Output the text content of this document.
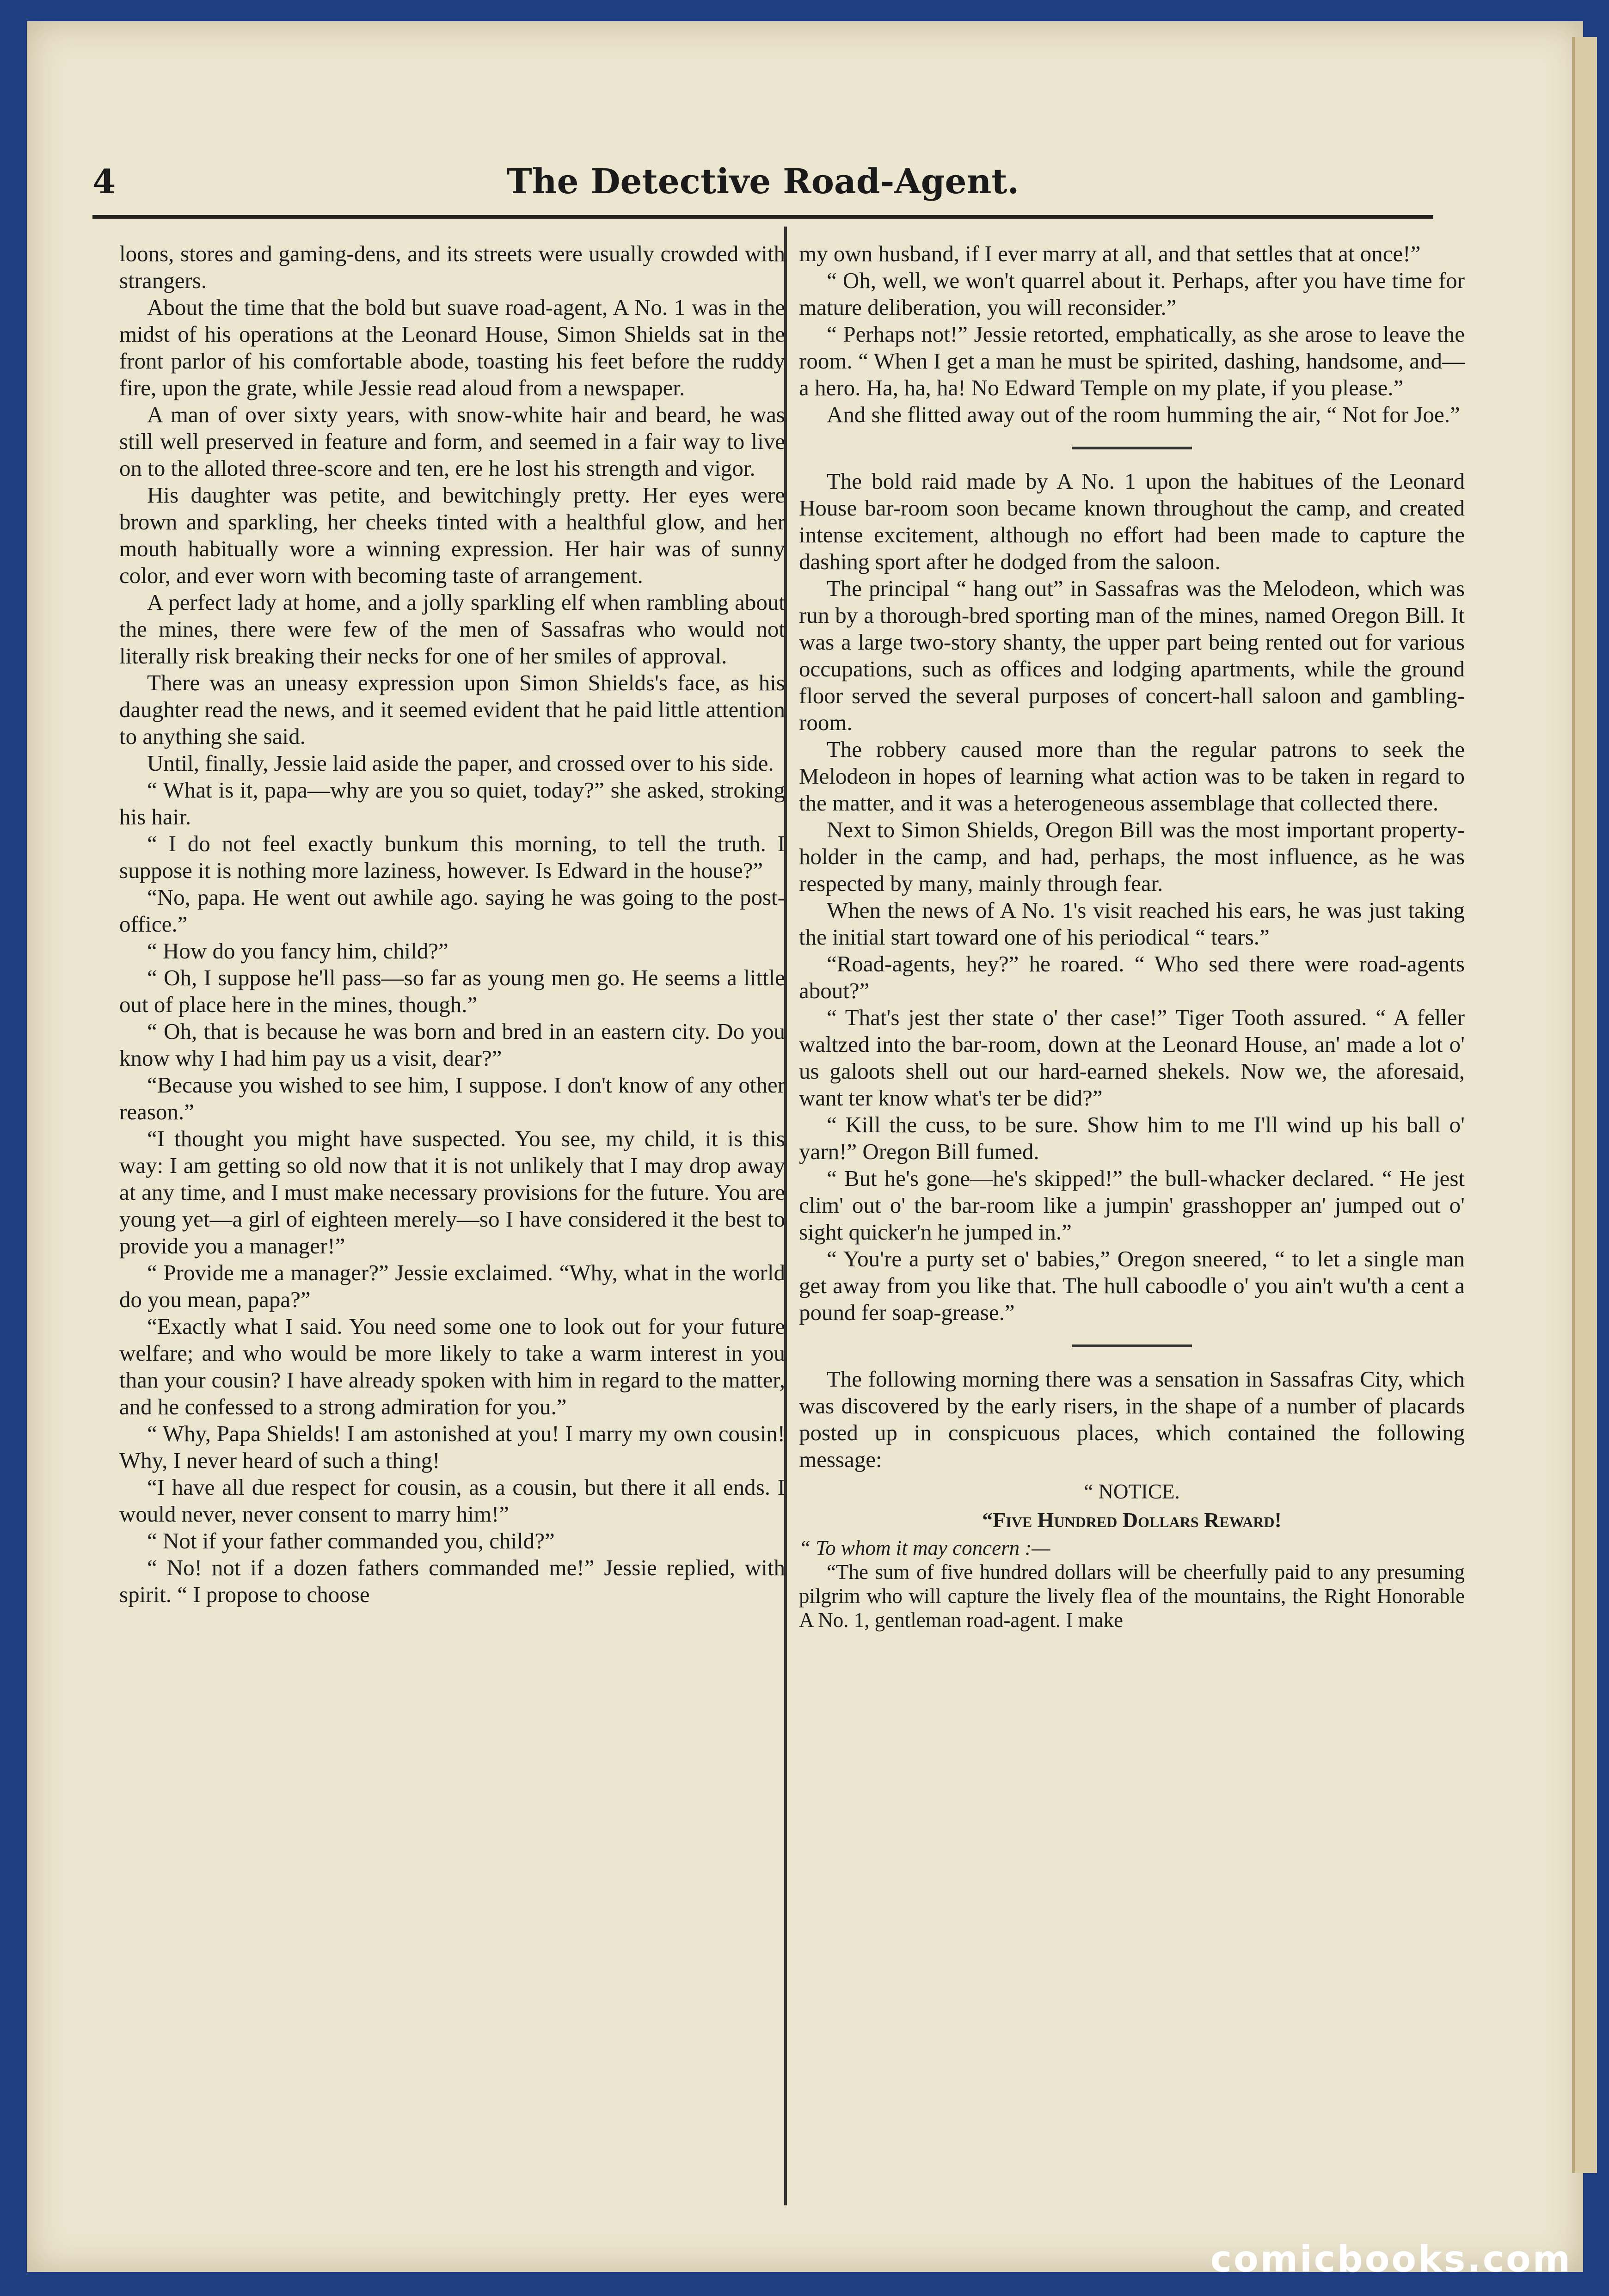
4	The Detective Road-Agent.

loons, stores and gaming-dens, and its streets were usually crowded with strangers.

About the time that the bold but suave road-agent, A No. 1 was in the midst of his operations at the Leonard House, Simon Shields sat in the front parlor of his comfortable abode, toasting his feet before the ruddy fire, upon the grate, while Jessie read aloud from a newspaper.

A man of over sixty years, with snow-white hair and beard, he was still well preserved in feature and form, and seemed in a fair way to live on to the alloted three-score and ten, ere he lost his strength and vigor.

His daughter was petite, and bewitchingly pretty. Her eyes were brown and sparkling, her cheeks tinted with a healthful glow, and her mouth habitually wore a winning expression. Her hair was of sunny color, and ever worn with becoming taste of arrangement.

A perfect lady at home, and a jolly sparkling elf when rambling about the mines, there were few of the men of Sassafras who would not literally risk breaking their necks for one of her smiles of approval.

There was an uneasy expression upon Simon Shields's face, as his daughter read the news, and it seemed evident that he paid little attention to anything she said.

Until, finally, Jessie laid aside the paper, and crossed over to his side.

“ What is it, papa—why are you so quiet, today?” she asked, stroking his hair.

“ I do not feel exactly bunkum this morning, to tell the truth. I suppose it is nothing more laziness, however. Is Edward in the house?”

“No, papa. He went out awhile ago. saying he was going to the post-office.”

“ How do you fancy him, child?”

“ Oh, I suppose he'll pass—so far as young men go. He seems a little out of place here in the mines, though.”

“ Oh, that is because he was born and bred in an eastern city. Do you know why I had him pay us a visit, dear?”

“Because you wished to see him, I suppose. I don't know of any other reason.”

“I thought you might have suspected. You see, my child, it is this way: I am getting so old now that it is not unlikely that I may drop away at any time, and I must make necessary provisions for the future. You are young yet—a girl of eighteen merely—so I have considered it the best to provide you a manager!”

“ Provide me a manager?” Jessie exclaimed. “Why, what in the world do you mean, papa?”

“Exactly what I said. You need some one to look out for your future welfare; and who would be more likely to take a warm interest in you than your cousin? I have already spoken with him in regard to the matter, and he confessed to a strong admiration for you.”

“ Why, Papa Shields! I am astonished at you! I marry my own cousin! Why, I never heard of such a thing!

“I have all due respect for cousin, as a cousin, but there it all ends. I would never, never consent to marry him!”

“ Not if your father commanded you, child?”

“ No! not if a dozen fathers commanded me!” Jessie replied, with spirit. “ I propose to choose

my own husband, if I ever marry at all, and that settles that at once!”

“ Oh, well, we won't quarrel about it. Perhaps, after you have time for mature deliberation, you will reconsider.”

“ Perhaps not!” Jessie retorted, emphatically, as she arose to leave the room. “ When I get a man he must be spirited, dashing, handsome, and—a hero. Ha, ha, ha! No Edward Temple on my plate, if you please.”

And she flitted away out of the room humming the air, “ Not for Joe.”

The bold raid made by A No. 1 upon the habitues of the Leonard House bar-room soon became known throughout the camp, and created intense excitement, although no effort had been made to capture the dashing sport after he dodged from the saloon.

The principal “ hang out” in Sassafras was the Melodeon, which was run by a thorough-bred sporting man of the mines, named Oregon Bill. It was a large two-story shanty, the upper part being rented out for various occupations, such as offices and lodging apartments, while the ground floor served the several purposes of concert-hall saloon and gambling-room.

The robbery caused more than the regular patrons to seek the Melodeon in hopes of learning what action was to be taken in regard to the matter, and it was a heterogeneous assemblage that collected there.

Next to Simon Shields, Oregon Bill was the most important property-holder in the camp, and had, perhaps, the most influence, as he was respected by many, mainly through fear.

When the news of A No. 1's visit reached his ears, he was just taking the initial start toward one of his periodical “ tears.”

“Road-agents, hey?” he roared. “ Who sed there were road-agents about?”

“ That's jest ther state o' ther case!” Tiger Tooth assured. “ A feller waltzed into the bar-room, down at the Leonard House, an' made a lot o' us galoots shell out our hard-earned shekels. Now we, the aforesaid, want ter know what's ter be did?”

“ Kill the cuss, to be sure. Show him to me I'll wind up his ball o' yarn!” Oregon Bill fumed.

“ But he's gone—he's skipped!” the bull-whacker declared. “ He jest clim' out o' the bar-room like a jumpin' grasshopper an' jumped out o' sight quicker'n he jumped in.”

“ You're a purty set o' babies,” Oregon sneered, “ to let a single man get away from you like that. The hull caboodle o' you ain't wu'th a cent a pound fer soap-grease.”

The following morning there was a sensation in Sassafras City, which was discovered by the early risers, in the shape of a number of placards posted up in conspicuous places, which contained the following message:

“ NOTICE.

“Five Hundred Dollars Reward!

“ To whom it may concern :—

“The sum of five hundred dollars will be cheerfully paid to any presuming pilgrim who will capture the lively flea of the mountains, the Right Honorable A No. 1, gentleman road-agent. I make

comicbooks.com
